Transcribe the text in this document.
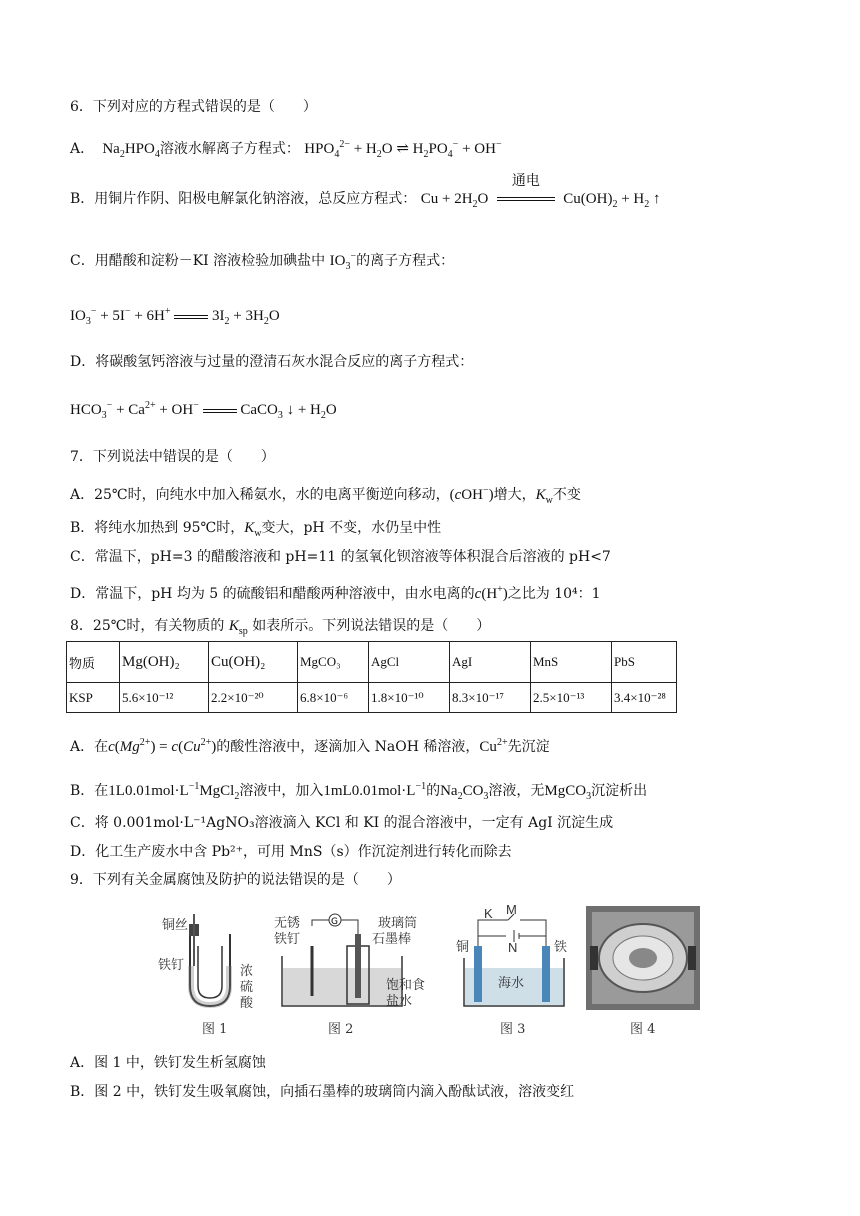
6．下列对应的方程式错误的是（　　）
A．  $Na_2HPO_4$溶液水解离子方程式： $HPO_4^{2-} + H_2O$ ⇌ $H_2PO_4^- + OH^-$
B．用铜片作阴、阳极电解氯化钠溶液，总反应方程式： $Cu + 2H_2O$
通电
$Cu(OH)_2 + H_2$ ↑
C．用醋酸和淀粉－KI 溶液检验加碘盐中 $IO_3^-$的离子方程式：
$IO_3^- + 5I^- + 6H^+$	$3I_2 + 3H_2O$
D．将碳酸氢钙溶液与过量的澄清石灰水混合反应的离子方程式：
$HCO_3^- + Ca^{2+} + OH^-$	CaCO$_3$ ↓ + $H_2O$
7．下列说法中错误的是（　　）
A．25℃时，向纯水中加入稀氨水，水的电离平衡逆向移动，(cOH−)增大，$K_w$不变
B．将纯水加热到 95℃时，$K_w$变大，pH 不变，水仍呈中性
C．常温下，pH=3 的醋酸溶液和 pH=11 的氢氧化钡溶液等体积混合后溶液的 pH<7
D．常温下，pH 均为 5 的硫酸铝和醋酸两种溶液中，由水电离的c(H+)之比为 10⁴：1
8．25℃时，有关物质的 $K_{sp}$ 如表所示。下列说法错误的是（　　）
物质	Mg(OH)₂	Cu(OH)₂	MgCO₃	AgCl	AgI	MnS	PbS
KSP	5.6×10⁻¹²	2.2×10⁻²⁰	6.8×10⁻⁶	1.8×10⁻¹⁰	8.3×10⁻¹⁷	2.5×10⁻¹³	3.4×10⁻²⁸
A．在$c(Mg^{2+}) = c(Cu^{2+})$的酸性溶液中，逐滴加入 NaOH 稀溶液，$Cu^{2+}$先沉淀
B．在$1L0.01mol\cdot L^{-1}MgCl_2$溶液中，加入$1mL0.01mol\cdot L^{-1}$的$Na_2CO_3$溶液，无MgCO$_3$沉淀析出
C．将 0.001mol·L⁻¹AgNO₃溶液滴入 KCl 和 KI 的混合溶液中，一定有 AgI 沉淀生成
D．化工生产废水中含 Pb²⁺，可用 MnS（s）作沉淀剂进行转化而除去
9．下列有关金属腐蚀及防护的说法错误的是（　　）
铜丝
铁钉	浓
硫
酸
图 1
G
无锈
铁钉
玻璃筒
石墨棒
饱和食
盐水
图 2
K M
N
铜	铁
海水
图 3	图 4
A．图 1 中，铁钉发生析氢腐蚀
B．图 2 中，铁钉发生吸氧腐蚀，向插石墨棒的玻璃筒内滴入酚酞试液，溶液变红
